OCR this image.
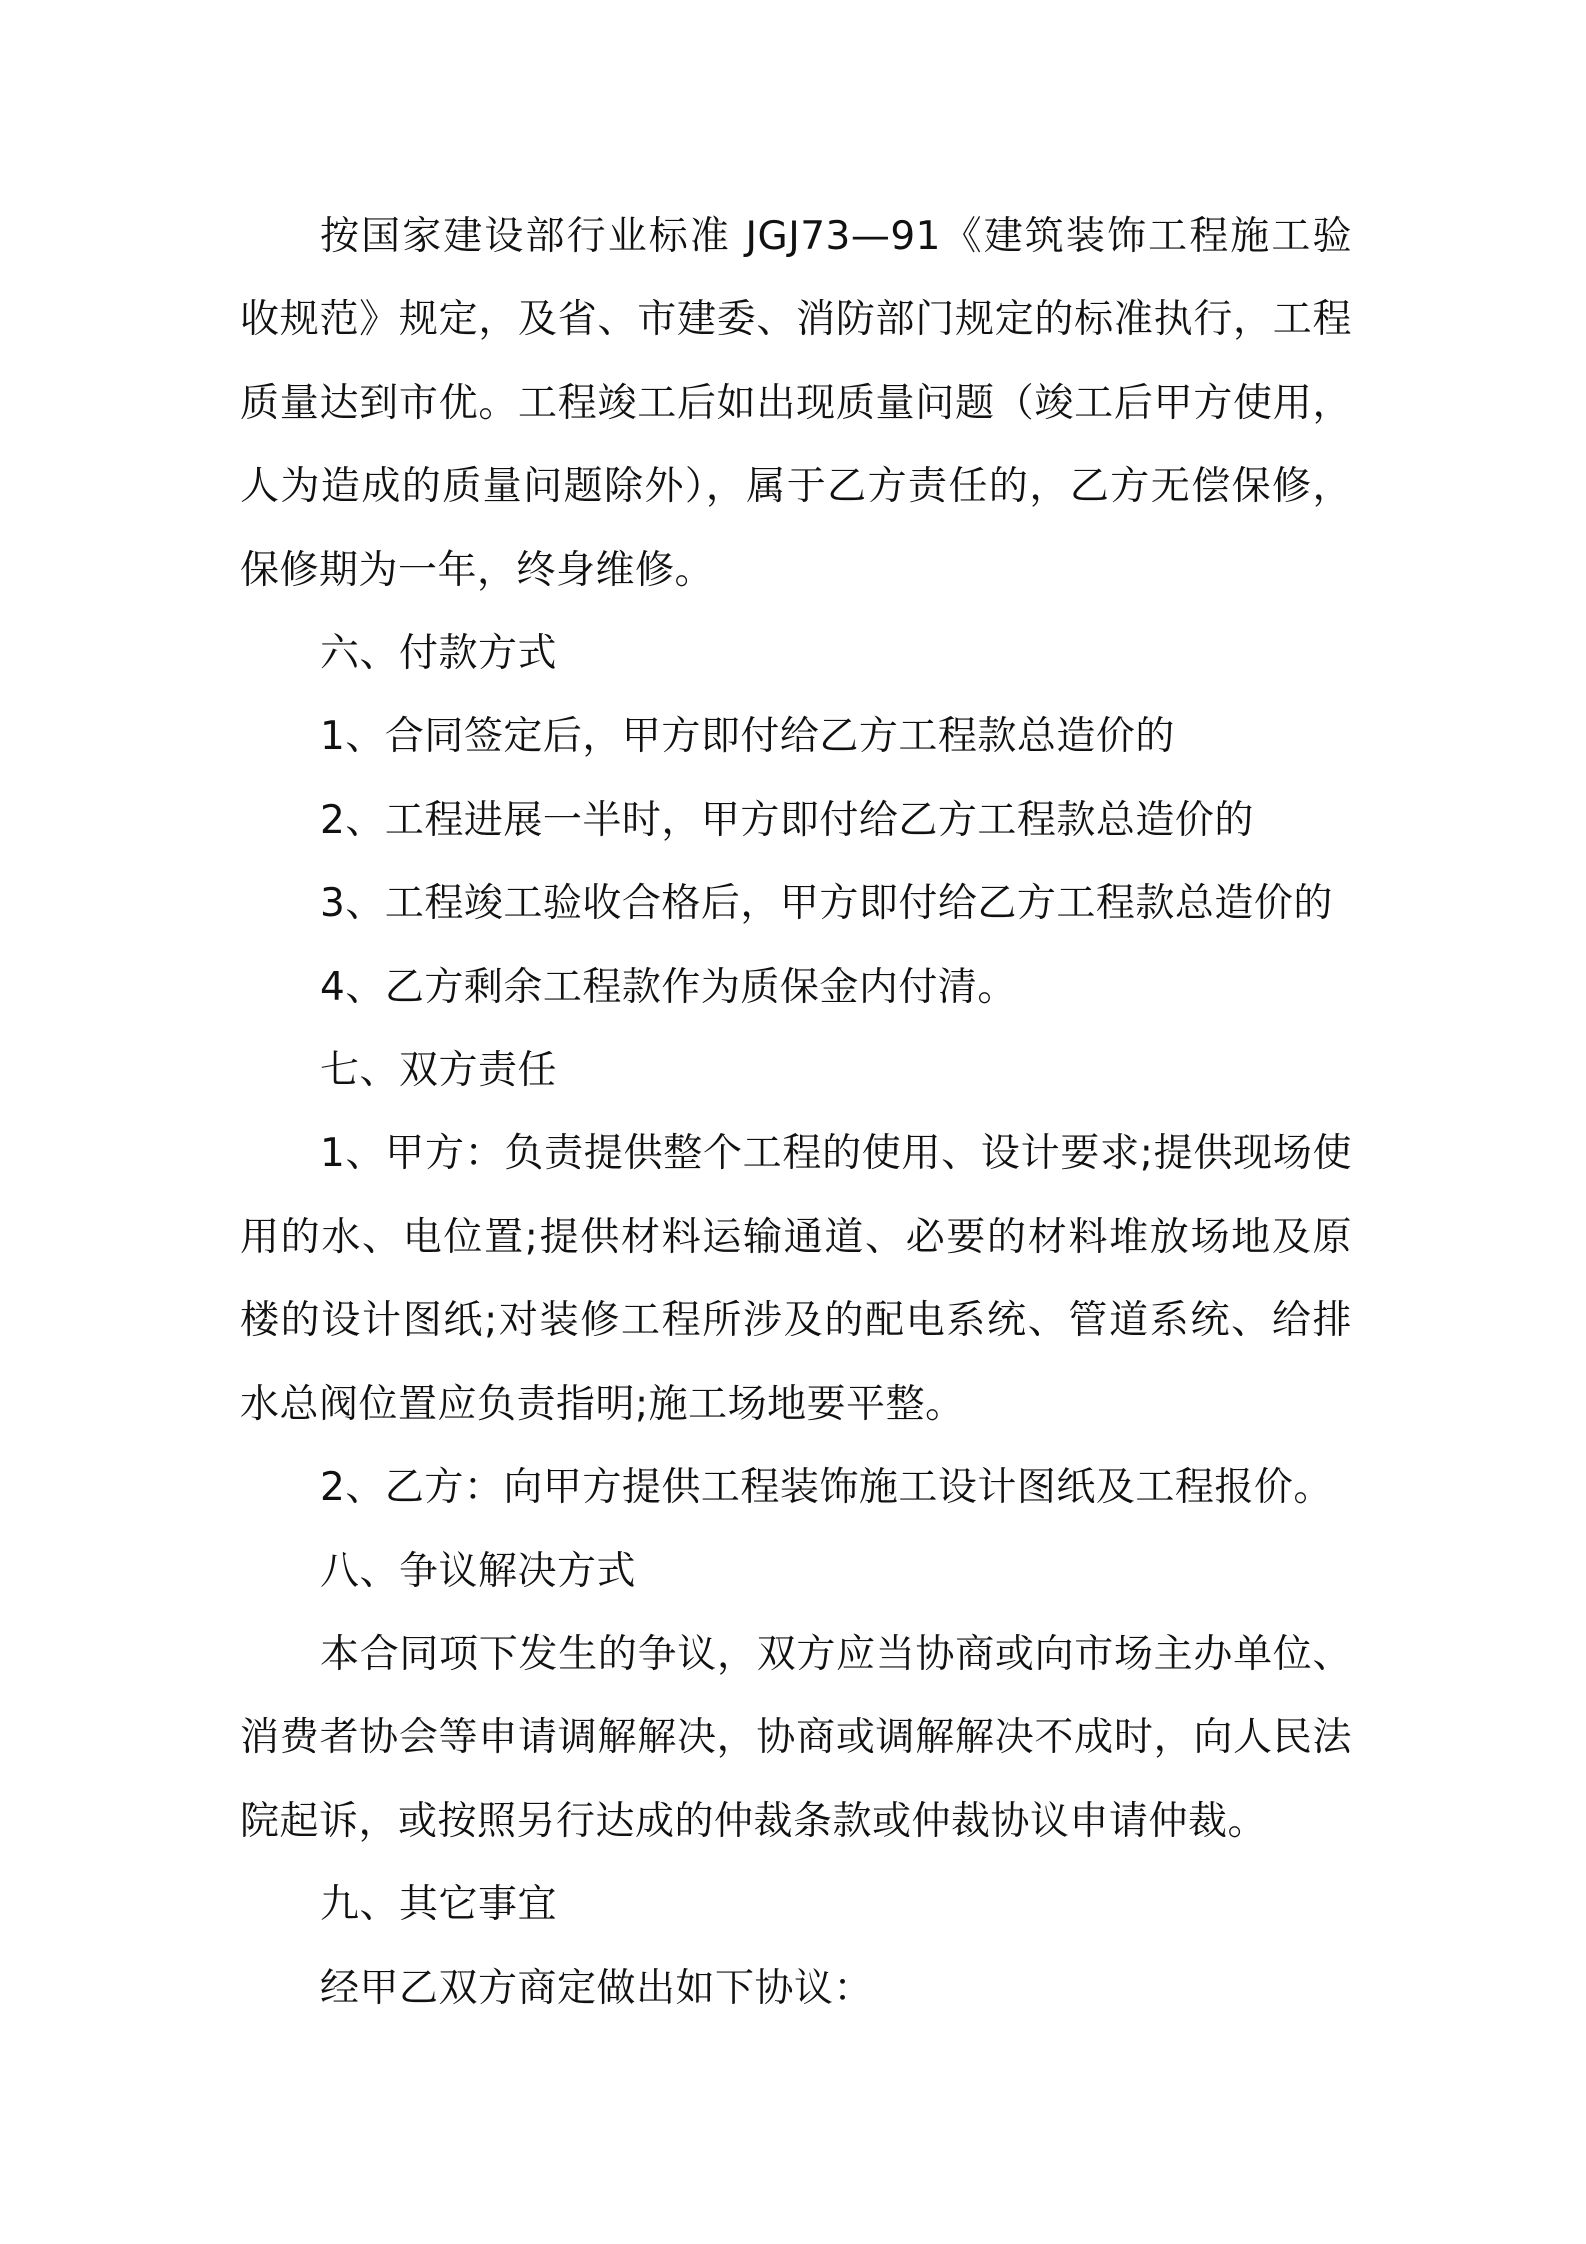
按国家建设部行业标准 JGJ73—91《建筑装饰工程施工验收规范》规定，及省、市建委、消防部门规定的标准执行，工程质量达到市优。工程竣工后如出现质量问题（竣工后甲方使用，人为造成的质量问题除外），属于乙方责任的，乙方无偿保修，保修期为一年，终身维修。

六、付款方式

1、合同签定后，甲方即付给乙方工程款总造价的

2、工程进展一半时，甲方即付给乙方工程款总造价的

3、工程竣工验收合格后，甲方即付给乙方工程款总造价的

4、乙方剩余工程款作为质保金内付清。

七、双方责任

1、甲方：负责提供整个工程的使用、设计要求;提供现场使用的水、电位置;提供材料运输通道、必要的材料堆放场地及原楼的设计图纸;对装修工程所涉及的配电系统、管道系统、给排水总阀位置应负责指明;施工场地要平整。

2、乙方：向甲方提供工程装饰施工设计图纸及工程报价。

八、争议解决方式

本合同项下发生的争议，双方应当协商或向市场主办单位、消费者协会等申请调解解决，协商或调解解决不成时，向人民法院起诉，或按照另行达成的仲裁条款或仲裁协议申请仲裁。

九、其它事宜

经甲乙双方商定做出如下协议：
